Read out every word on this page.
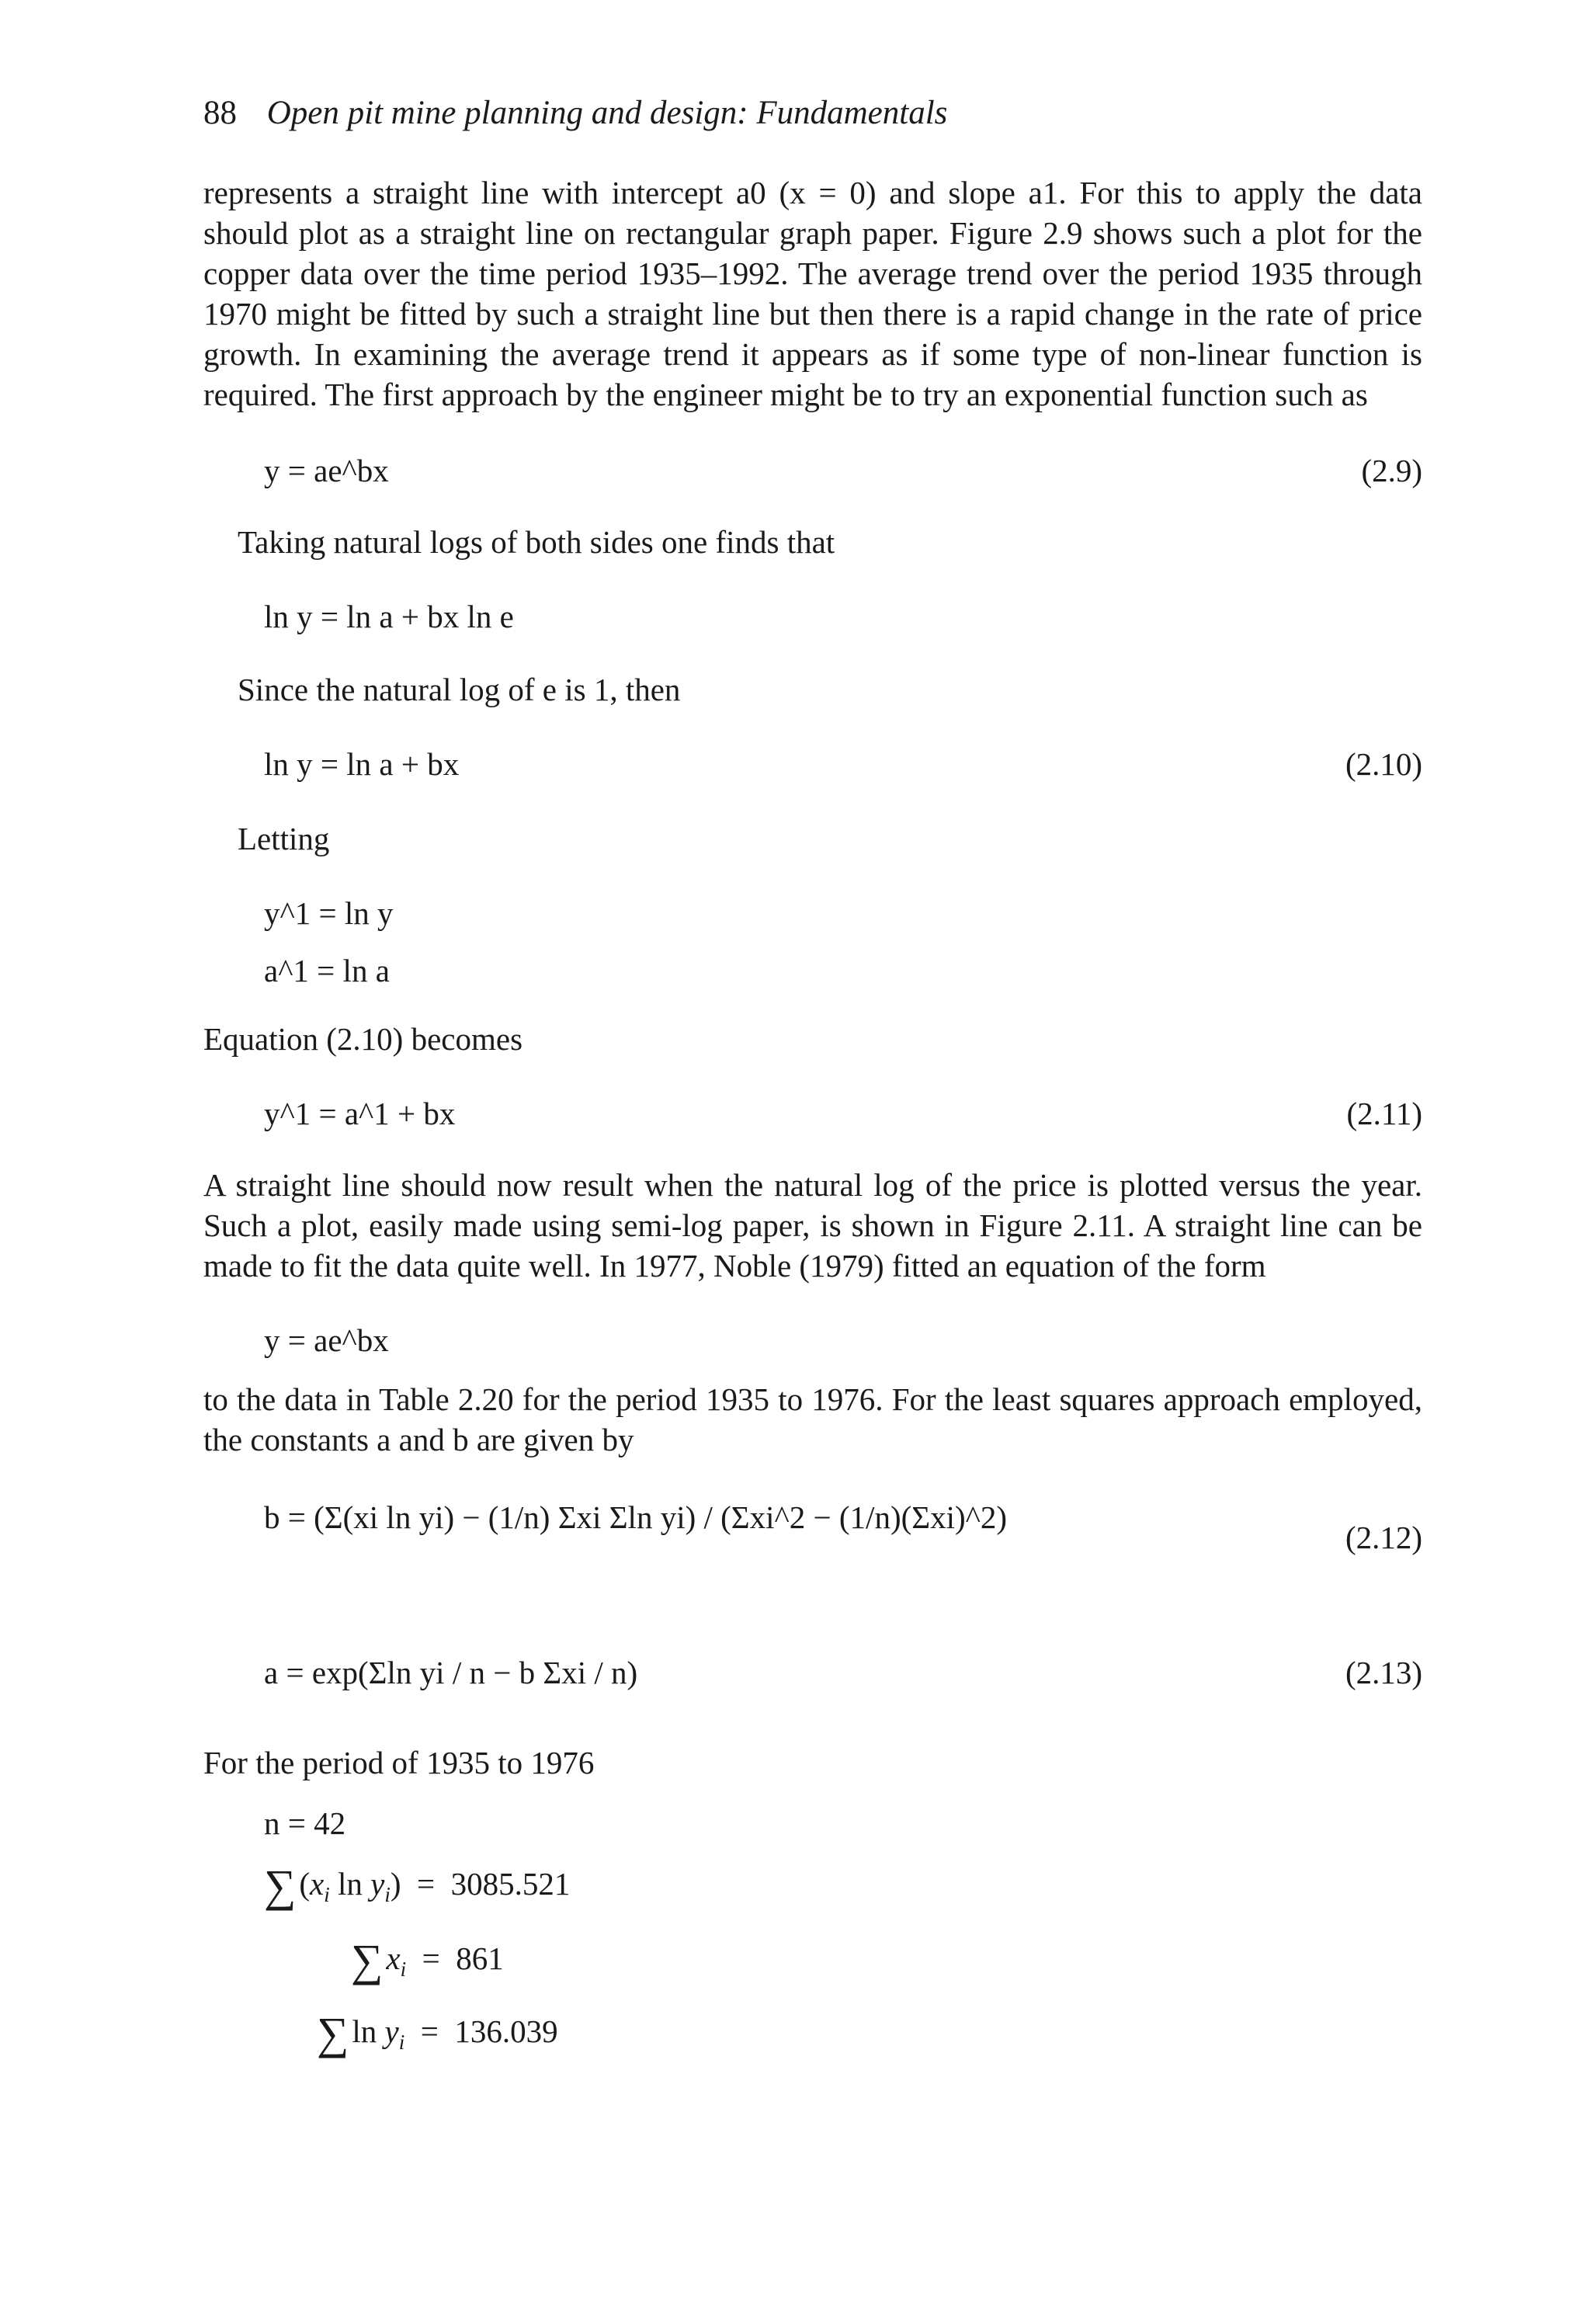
88 Open pit mine planning and design: Fundamentals

represents a straight line with intercept a0 (x = 0) and slope a1. For this to apply the data should plot as a straight line on rectangular graph paper. Figure 2.9 shows such a plot for the copper data over the time period 1935–1992. The average trend over the period 1935 through 1970 might be fitted by such a straight line but then there is a rapid change in the rate of price growth. In examining the average trend it appears as if some type of non-linear function is required. The first approach by the engineer might be to try an exponential function such as

y = ae^bx	(2.9)
Taking natural logs of both sides one finds that
ln y = ln a + bx ln e
Since the natural log of e is 1, then
ln y = ln a + bx	(2.10)
Letting
y^1 = ln y
a^1 = ln a
Equation (2.10) becomes
y^1 = a^1 + bx	(2.11)

A straight line should now result when the natural log of the price is plotted versus the year. Such a plot, easily made using semi-log paper, is shown in Figure 2.11. A straight line can be made to fit the data quite well. In 1977, Noble (1979) fitted an equation of the form

y = ae^bx

to the data in Table 2.20 for the period 1935 to 1976. For the least squares approach employed, the constants a and b are given by

b = (Σ(xi ln yi) − (1/n) Σxi Σln yi) / (Σxi^2 − (1/n)(Σxi)^2)
(2.12)
a = exp(Σln yi / n − b Σxi / n)	(2.13)
For the period of 1935 to 1976
n = 42
$\sum(x_i$ $\ln y_i) = 3085.521$
$\sum x_i = 861$
∑ln $y_i = 136.039$
